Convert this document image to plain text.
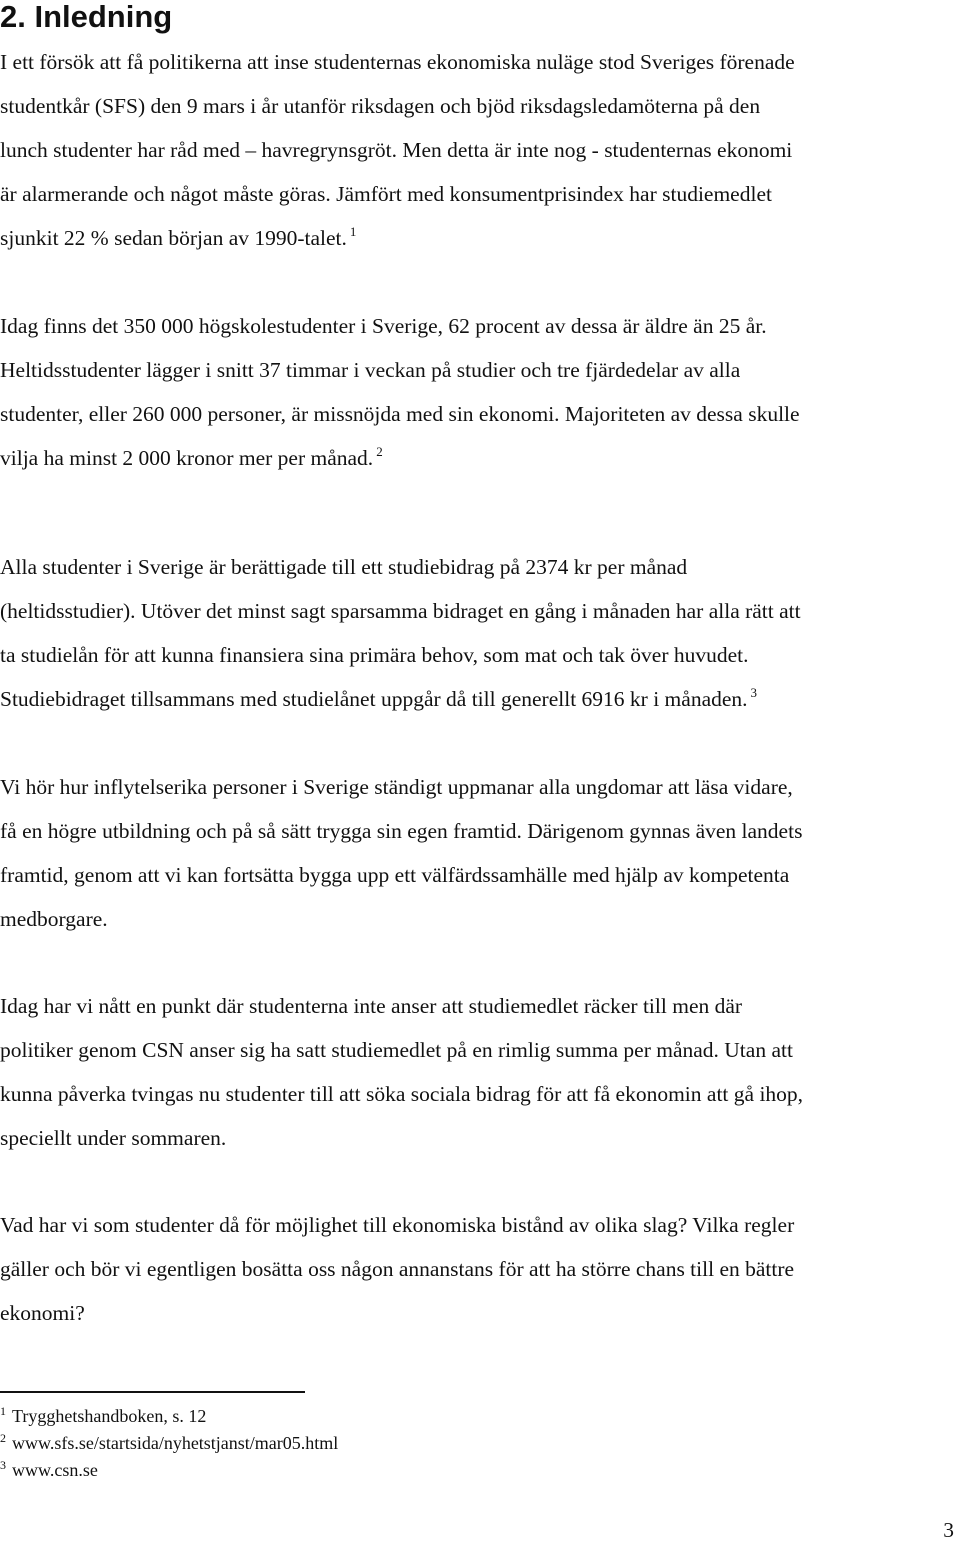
2. Inledning
I ett försök att få politikerna att insе studenternas ekonomiska nuläge stod Sveriges förenade
studentkår (SFS) den 9 mars i år utanför riksdagen och bjöd riksdagsledamöterna på den
lunch studenter har råd med – havregrynsgröt. Men detta är inte nog - studenternas ekonomi
är alarmerande och något måste göras. Jämfört med konsumentprisindex har studiemedlet
sjunkit 22 % sedan början av 1990-talet. $^1$
Idag finns det 350 000 högskolestudenter i Sverige, 62 procent av dessa är äldre än 25 år.
Heltidsstudenter lägger i snitt 37 timmar i veckan på studier och tre fjärdedelar av alla
studenter, eller 260 000 personer, är missnöjda med sin ekonomi. Majoriteten av dessa skulle
vilja ha minst 2 000 kronor mer per månad. $^2$
Alla studenter i Sverige är berättigade till ett studiebidrag på 2374 kr per månad
(heltidsstudier). Utöver det minst sagt sparsamma bidraget en gång i månaden har alla rätt att
ta studielån för att kunna finansiera sina primära behov, som mat och tak över huvudet.
Studiebidraget tillsammans med studielånet uppgår då till generellt 6916 kr i månaden. $^3$
Vi hör hur inflytelserika personer i Sverige ständigt uppmanar alla ungdomar att läsa vidare,
få en högre utbildning och på så sätt trygga sin egen framtid. Därigenom gynnas även landets
framtid, genom att vi kan fortsätta bygga upp ett välfärdssamhälle med hjälp av kompetenta
medborgare.
Idag har vi nått en punkt där studenterna inte anser att studiemedlet räcker till men där
politiker genom CSN anser sig ha satt studiemedlet på en rimlig summa per månad. Utan att
kunna påverka tvingas nu studenter till att söka sociala bidrag för att få ekonomin att gå ihop,
speciellt under sommaren.
Vad har vi som studenter då för möjlighet till ekonomiska bistånd av olika slag? Vilka regler
gäller och bör vi egentligen bosätta oss någon annanstans för att ha större chans till en bättre
ekonomi?
$^1$ Trygghetshandboken, s. 12
$^2$ www.sfs.se/startsida/nyhetstjanst/mar05.html
$^3$ www.csn.se
3
